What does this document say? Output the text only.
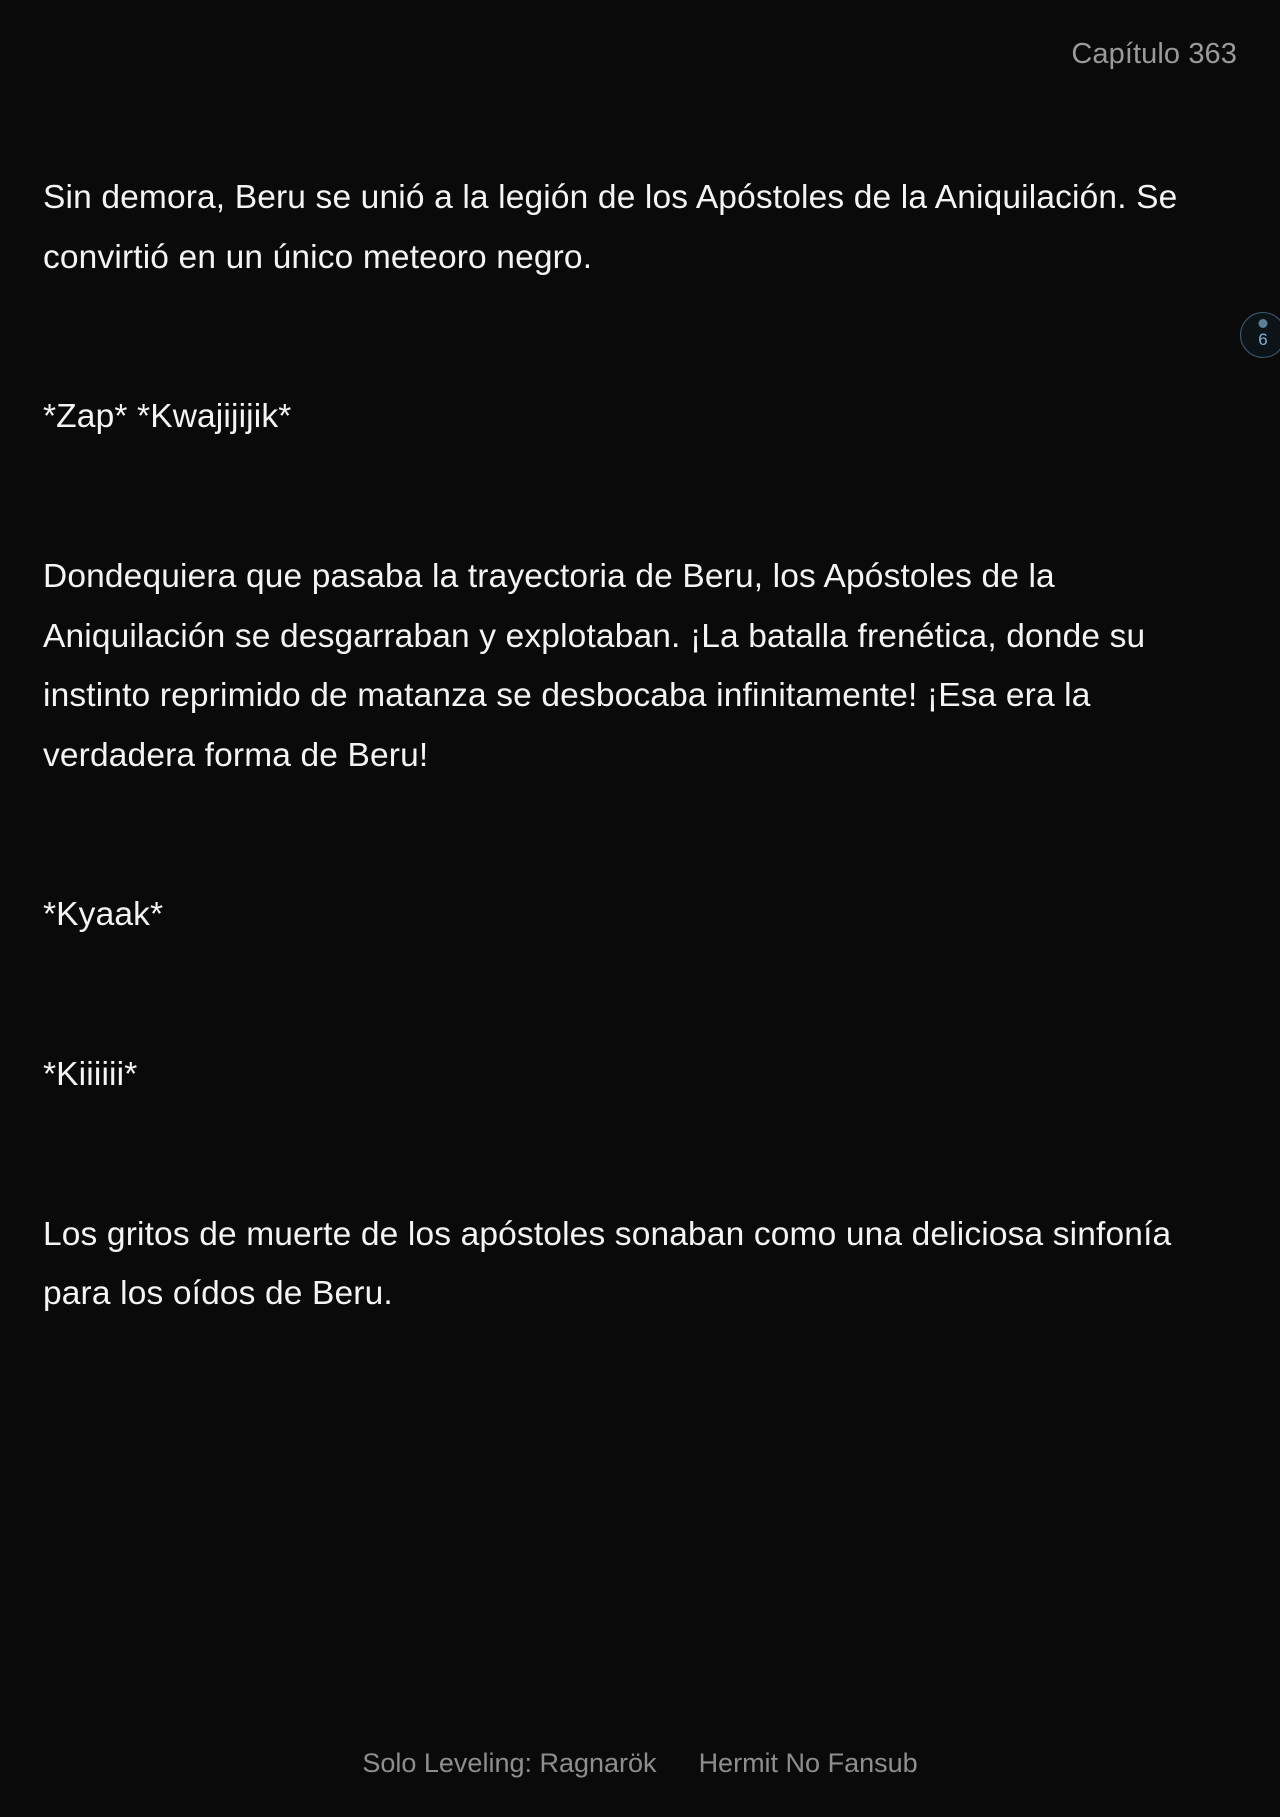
Capítulo 363

Sin demora, Beru se unió a la legión de los Apóstoles de la Aniquilación. Se convirtió en un único meteoro negro.

*Zap* *Kwajijijik*

Dondequiera que pasaba la trayectoria de Beru, los Apóstoles de la Aniquilación se desgarraban y explotaban. ¡La batalla frenética, donde su instinto reprimido de matanza se desbocaba infinitamente! ¡Esa era la verdadera forma de Beru!

*Kyaak*

*Kiiiiii*

Los gritos de muerte de los apóstoles sonaban como una deliciosa sinfonía para los oídos de Beru.

6
Solo Leveling: Ragnarök Hermit No Fansub
